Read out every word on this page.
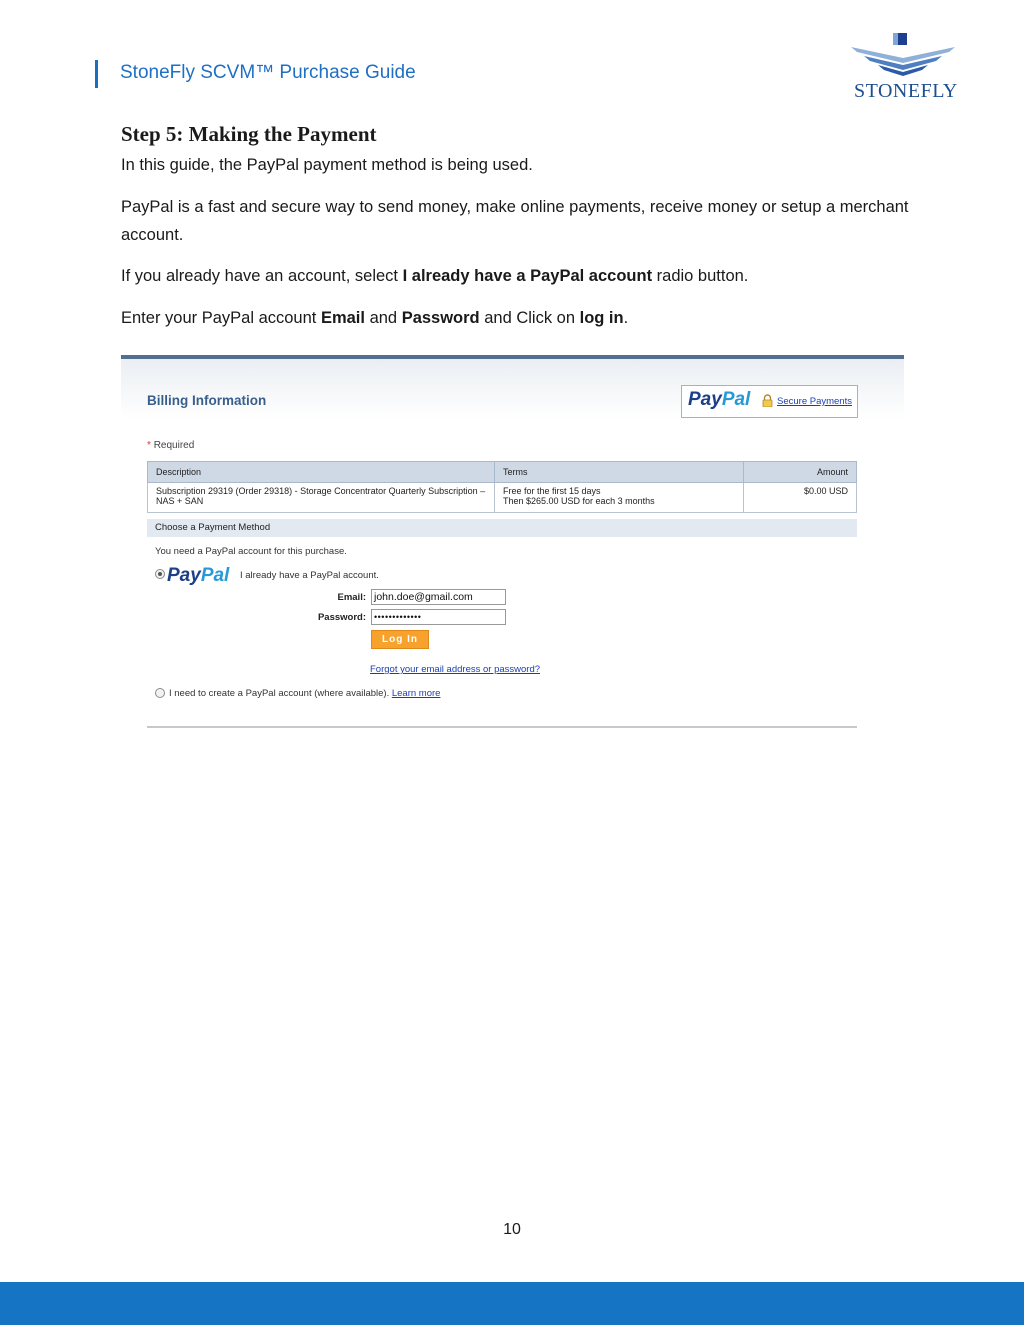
StoneFly SCVM™ Purchase Guide
STONEFLY
Step 5: Making the Payment
In this guide, the PayPal payment method is being used.
PayPal is a fast and secure way to send money, make online payments, receive money or setup a merchant account.
If you already have an account, select I already have a PayPal account radio button.
Enter your PayPal account Email and Password and Click on log in.
Billing Information	PayPal	Secure Payments
* Required
Description	Terms	Amount
Subscription 29319 (Order 29318) - Storage Concentrator Quarterly Subscription – NAS + SAN	Free for the first 15 days
Then $265.00 USD for each 3 months	$0.00 USD
Choose a Payment Method
You need a PayPal account for this purchase.
PayPal I already have a PayPal account.
Email: john.doe@gmail.com
Password: •••••••••••••
Log In
Forgot your email address or password?
I need to create a PayPal account (where available). Learn more
10
